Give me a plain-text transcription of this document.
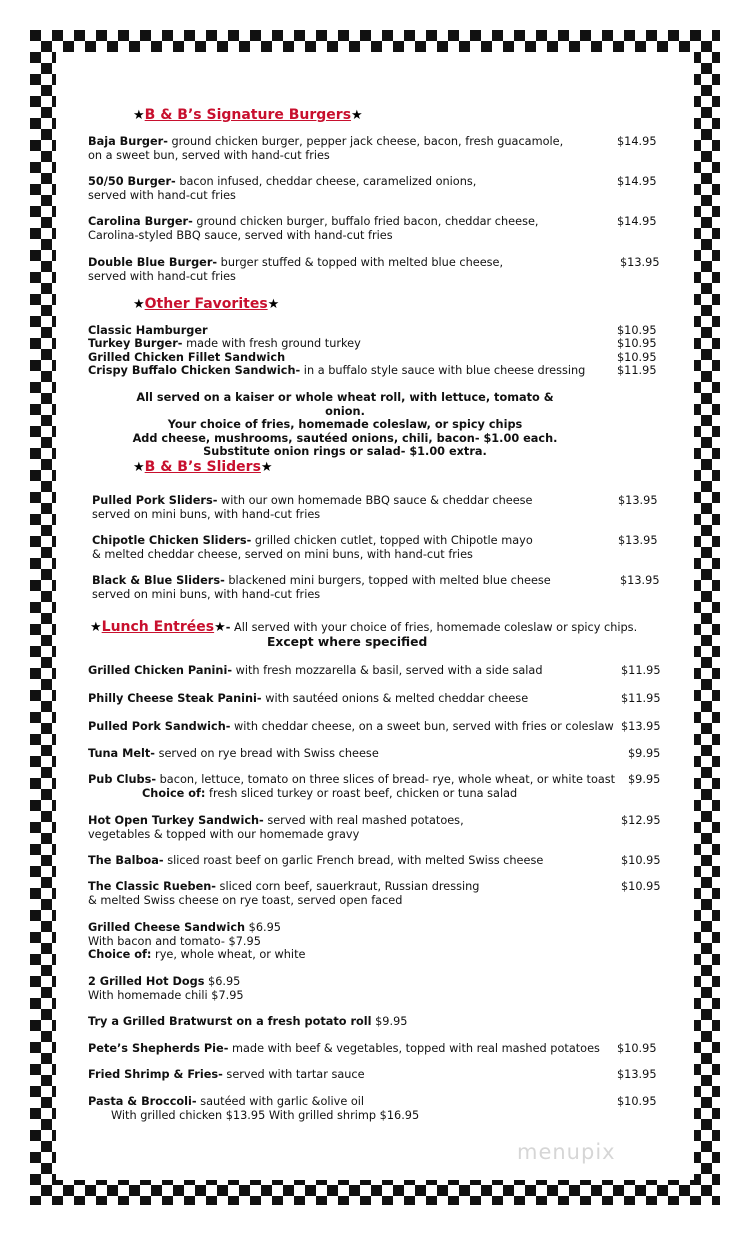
★B & B’s Signature Burgers★
Baja Burger- ground chicken burger, pepper jack cheese, bacon, fresh guacamole,
on a sweet bun, served with hand-cut fries
$14.95
50/50 Burger- bacon infused, cheddar cheese, caramelized onions,
served with hand-cut fries
$14.95
Carolina Burger- ground chicken burger, buffalo fried bacon, cheddar cheese,
Carolina-styled BBQ sauce, served with hand-cut fries
$14.95
Double Blue Burger- burger stuffed & topped with melted blue cheese,
served with hand-cut fries
$13.95
★Other Favorites★
Classic Hamburger	$10.95
Turkey Burger- made with fresh ground turkey	$10.95
Grilled Chicken Fillet Sandwich	$10.95
Crispy Buffalo Chicken Sandwich- in a buffalo style sauce with blue cheese dressing	$11.95
All served on a kaiser or whole wheat roll, with lettuce, tomato & onion.
Your choice of fries, homemade coleslaw, or spicy chips
Add cheese, mushrooms, sautéed onions, chili, bacon- $1.00 each.
Substitute onion rings or salad- $1.00 extra.
★B & B’s Sliders★
Pulled Pork Sliders- with our own homemade BBQ sauce & cheddar cheese
served on mini buns, with hand-cut fries
$13.95
Chipotle Chicken Sliders- grilled chicken cutlet, topped with Chipotle mayo
& melted cheddar cheese, served on mini buns, with hand-cut fries
$13.95
Black & Blue Sliders- blackened mini burgers, topped with melted blue cheese
served on mini buns, with hand-cut fries
$13.95
★Lunch Entrées★- All served with your choice of fries, homemade coleslaw or spicy chips.
Except where specified
Grilled Chicken Panini- with fresh mozzarella & basil, served with a side salad	$11.95
Philly Cheese Steak Panini- with sautéed onions & melted cheddar cheese	$11.95
Pulled Pork Sandwich- with cheddar cheese, on a sweet bun, served with fries or coleslaw $13.95
Tuna Melt- served on rye bread with Swiss cheese	$9.95
Pub Clubs- bacon, lettuce, tomato on three slices of bread- rye, whole wheat, or white toast
Choice of: fresh sliced turkey or roast beef, chicken or tuna salad
$9.95
Hot Open Turkey Sandwich- served with real mashed potatoes,
vegetables & topped with our homemade gravy
$12.95
The Balboa- sliced roast beef on garlic French bread, with melted Swiss cheese	$10.95
The Classic Rueben- sliced corn beef, sauerkraut, Russian dressing
& melted Swiss cheese on rye toast, served open faced
$10.95
Grilled Cheese Sandwich $6.95
With bacon and tomato- $7.95
Choice of: rye, whole wheat, or white
2 Grilled Hot Dogs $6.95
With homemade chili $7.95
Try a Grilled Bratwurst on a fresh potato roll $9.95
Pete’s Shepherds Pie- made with beef & vegetables, topped with real mashed potatoes $10.95
Fried Shrimp & Fries- served with tartar sauce	$13.95
Pasta & Broccoli- sautéed with garlic &olive oil
With grilled chicken $13.95 With grilled shrimp $16.95
$10.95
menupix
